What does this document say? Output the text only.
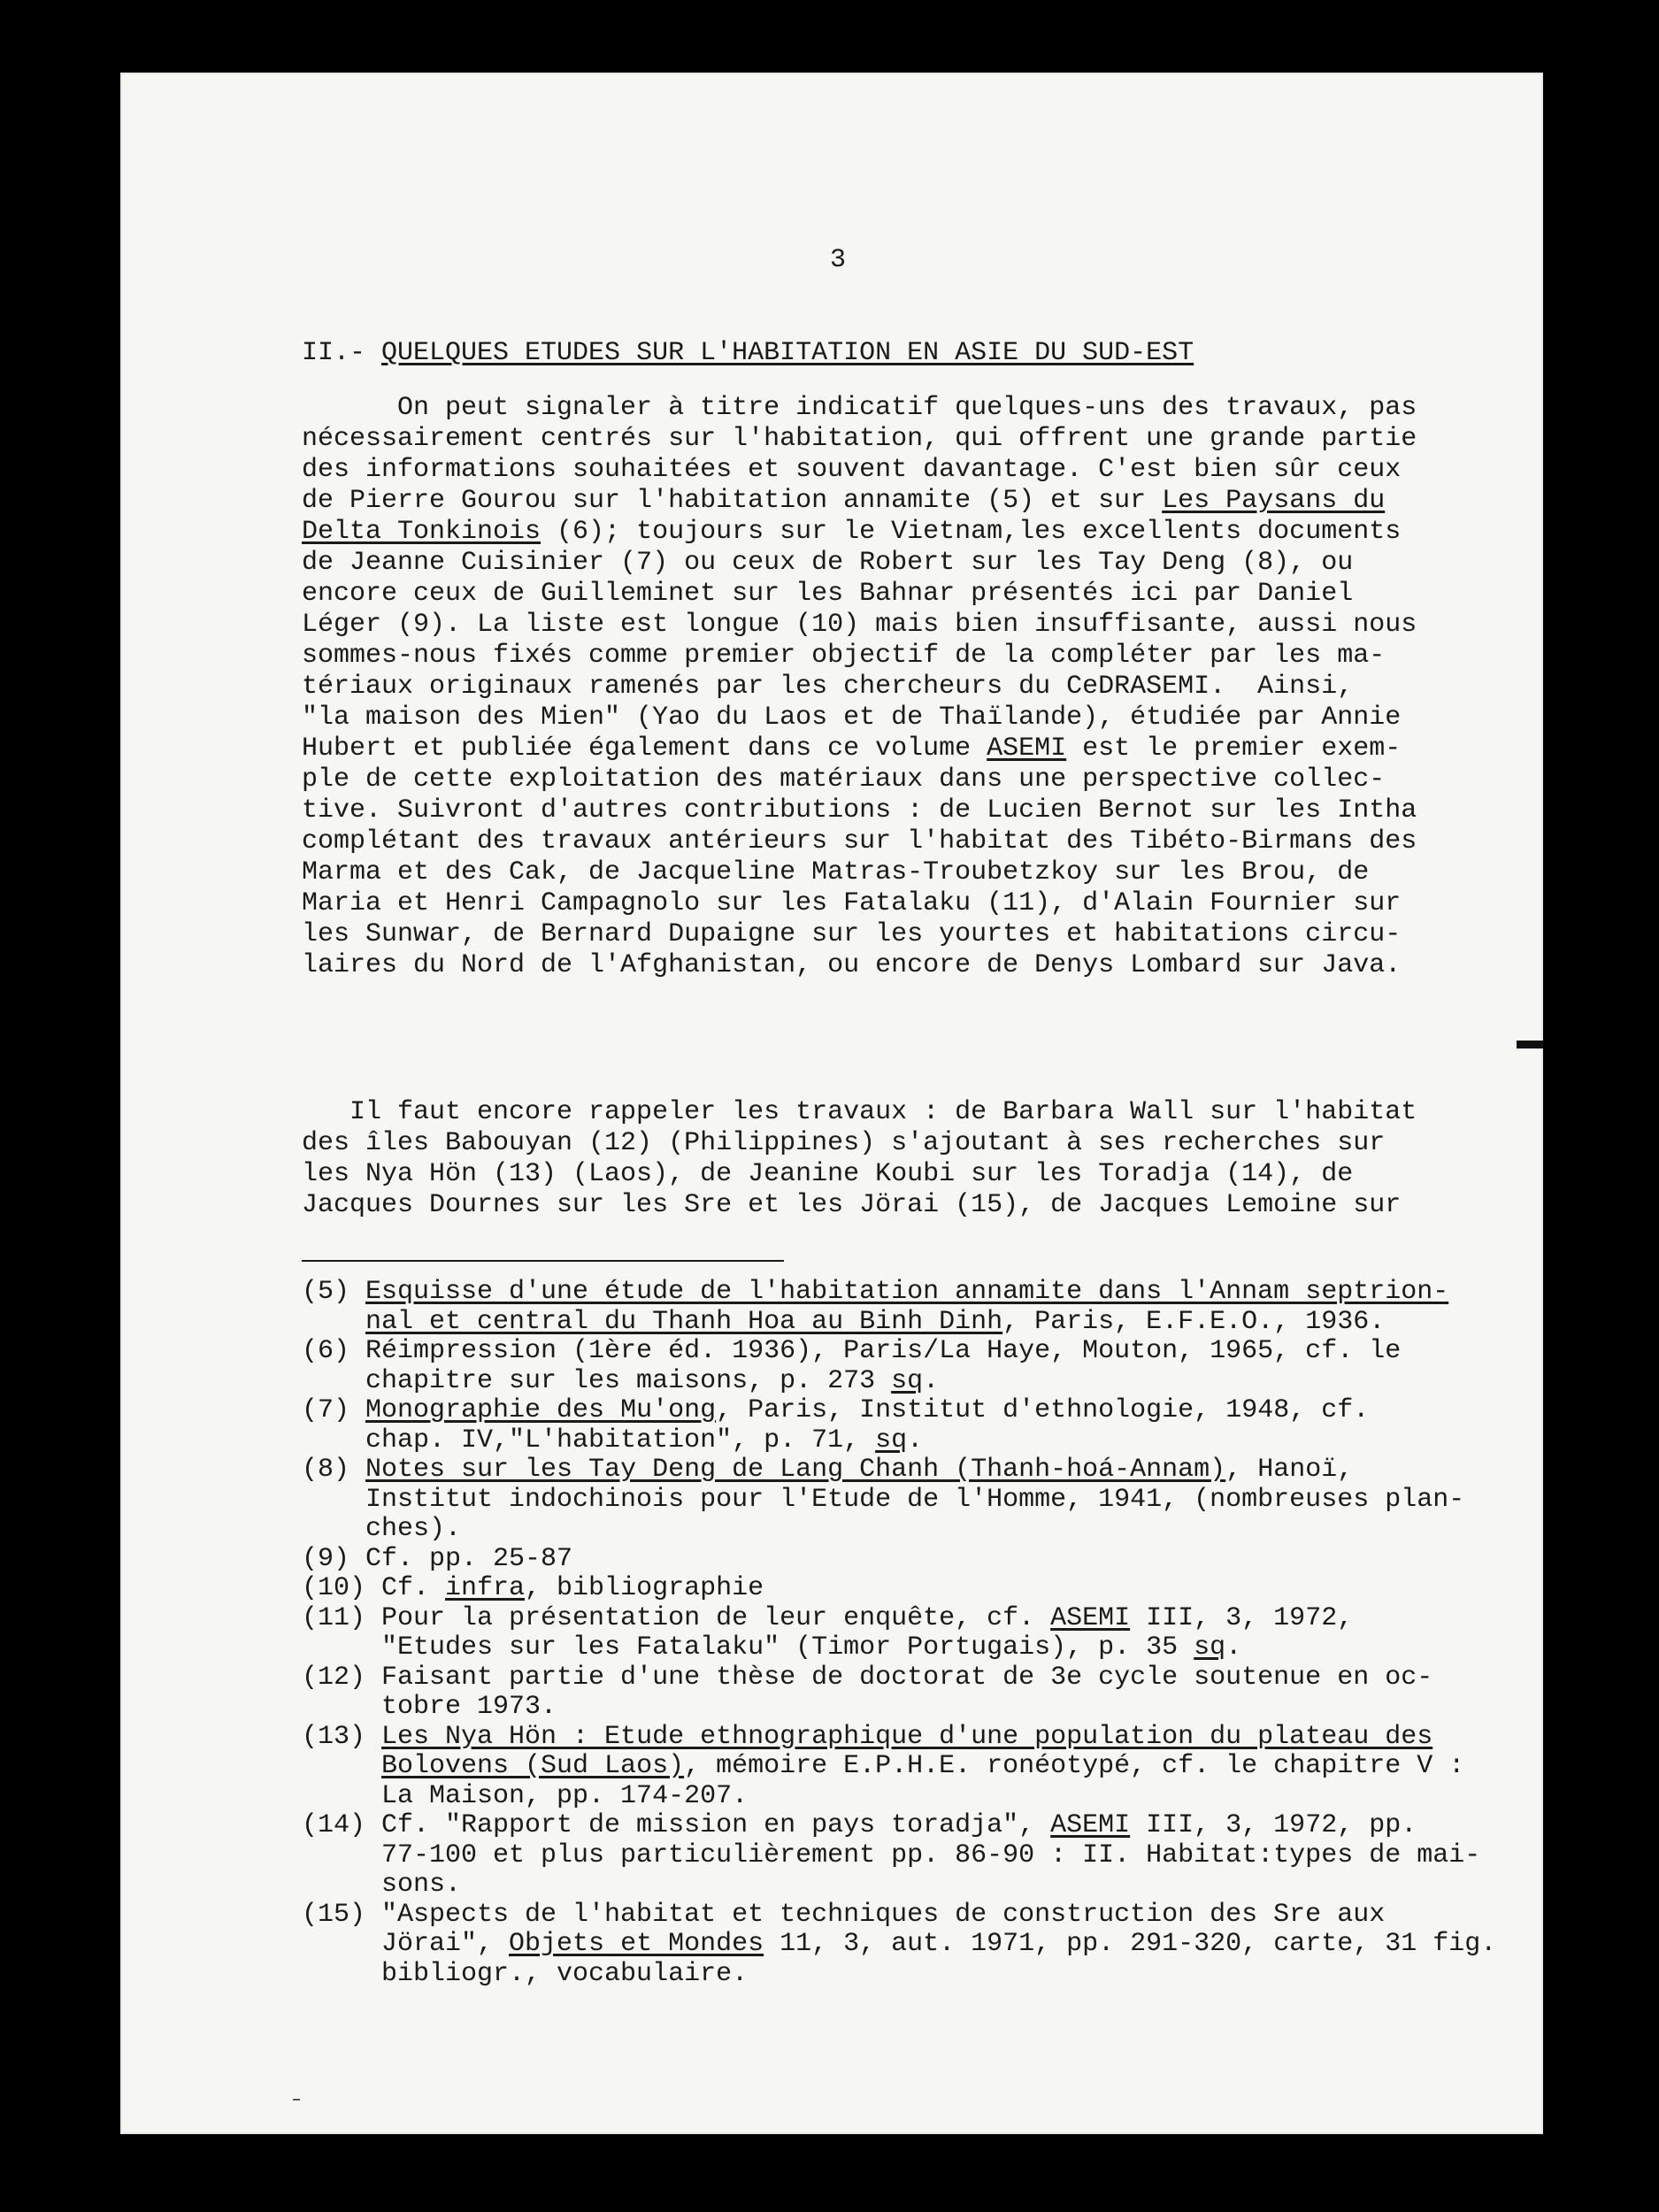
3
II.- QUELQUES ETUDES SUR L'HABITATION EN ASIE DU SUD-EST
On peut signaler à titre indicatif quelques-uns des travaux, pas
nécessairement centrés sur l'habitation, qui offrent une grande partie
des informations souhaitées et souvent davantage. C'est bien sûr ceux
de Pierre Gourou sur l'habitation annamite (5) et sur Les Paysans du
Delta Tonkinois (6); toujours sur le Vietnam,les excellents documents
de Jeanne Cuisinier (7) ou ceux de Robert sur les Tay Deng (8), ou
encore ceux de Guilleminet sur les Bahnar présentés ici par Daniel
Léger (9). La liste est longue (10) mais bien insuffisante, aussi nous
sommes-nous fixés comme premier objectif de la compléter par les ma-
tériaux originaux ramenés par les chercheurs du CeDRASEMI.  Ainsi,
"la maison des Mien" (Yao du Laos et de Thaïlande), étudiée par Annie
Hubert et publiée également dans ce volume ASEMI est le premier exem-
ple de cette exploitation des matériaux dans une perspective collec-
tive. Suivront d'autres contributions : de Lucien Bernot sur les Intha
complétant des travaux antérieurs sur l'habitat des Tibéto-Birmans des
Marma et des Cak, de Jacqueline Matras-Troubetzkoy sur les Brou, de
Maria et Henri Campagnolo sur les Fatalaku (11), d'Alain Fournier sur
les Sunwar, de Bernard Dupaigne sur les yourtes et habitations circu-
laires du Nord de l'Afghanistan, ou encore de Denys Lombard sur Java.
Il faut encore rappeler les travaux : de Barbara Wall sur l'habitat
des îles Babouyan (12) (Philippines) s'ajoutant à ses recherches sur
les Nya Hön (13) (Laos), de Jeanine Koubi sur les Toradja (14), de
Jacques Dournes sur les Sre et les Jörai (15), de Jacques Lemoine sur
(5) Esquisse d'une étude de l'habitation annamite dans l'Annam septrion-
nal et central du Thanh Hoa au Binh Dinh, Paris, E.F.E.O., 1936.
(6) Réimpression (1ère éd. 1936), Paris/La Haye, Mouton, 1965, cf. le
chapitre sur les maisons, p. 273 sq.
(7) Monographie des Mu'ong, Paris, Institut d'ethnologie, 1948, cf.
chap. IV,"L'habitation", p. 71, sq.
(8) Notes sur les Tay Deng de Lang Chanh (Thanh-hoá-Annam), Hanoï,
Institut indochinois pour l'Etude de l'Homme, 1941, (nombreuses plan-
ches).
(9) Cf. pp. 25-87
(10) Cf. infra, bibliographie
(11) Pour la présentation de leur enquête, cf. ASEMI III, 3, 1972,
"Etudes sur les Fatalaku" (Timor Portugais), p. 35 sq.
(12) Faisant partie d'une thèse de doctorat de 3e cycle soutenue en oc-
tobre 1973.
(13) Les Nya Hön : Etude ethnographique d'une population du plateau des
Bolovens (Sud Laos), mémoire E.P.H.E. ronéotypé, cf. le chapitre V :
La Maison, pp. 174-207.
(14) Cf. "Rapport de mission en pays toradja", ASEMI III, 3, 1972, pp.
77-100 et plus particulièrement pp. 86-90 : II. Habitat:types de mai-
sons.
(15) "Aspects de l'habitat et techniques de construction des Sre aux
Jörai", Objets et Mondes 11, 3, aut. 1971, pp. 291-320, carte, 31 fig.
bibliogr., vocabulaire.
